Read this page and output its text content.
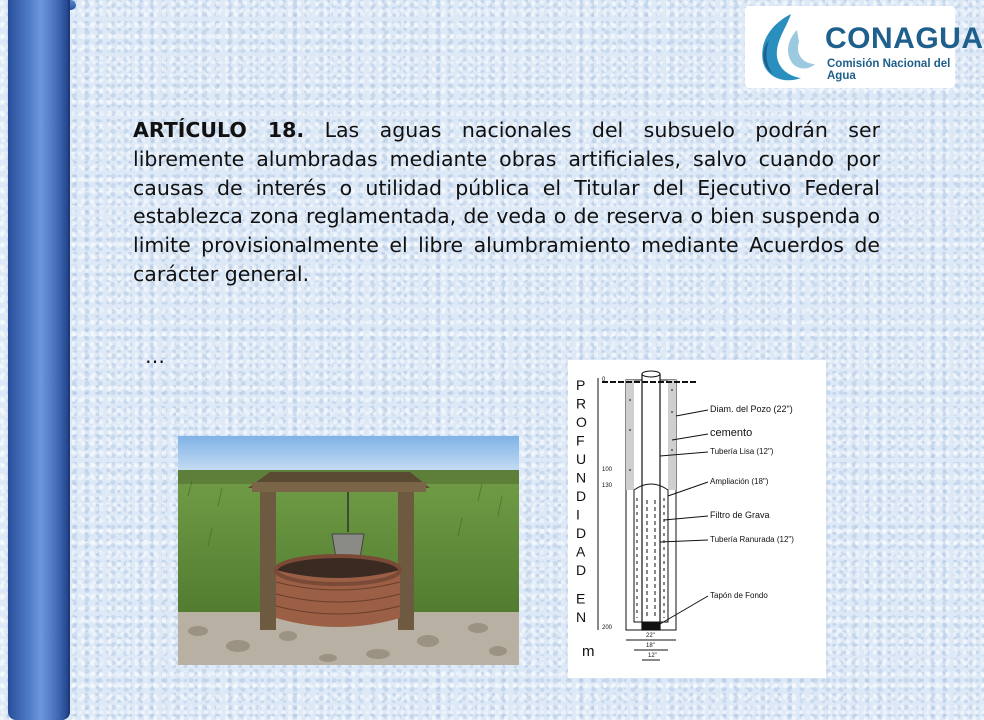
CONAGUA
Comisión Nacional del Agua
ARTÍCULO 18. Las aguas nacionales del subsuelo podrán ser libremente alumbradas mediante obras artificiales, salvo cuando por causas de interés o utilidad pública el Titular del Ejecutivo Federal establezca zona reglamentada, de veda o de reserva o bien suspenda o limite provisionalmente el libre alumbramiento mediante Acuerdos de carácter general.
…
P
R
O
F
U
N
D
I
D
A
D
E
N
0
100
130
200
m
Diam. del Pozo (22")
cemento
Tubería Lisa (12")
Ampliación (18")
Filtro de Grava
Tubería Ranurada (12")
Tapón de Fondo
22"
18"
12"
